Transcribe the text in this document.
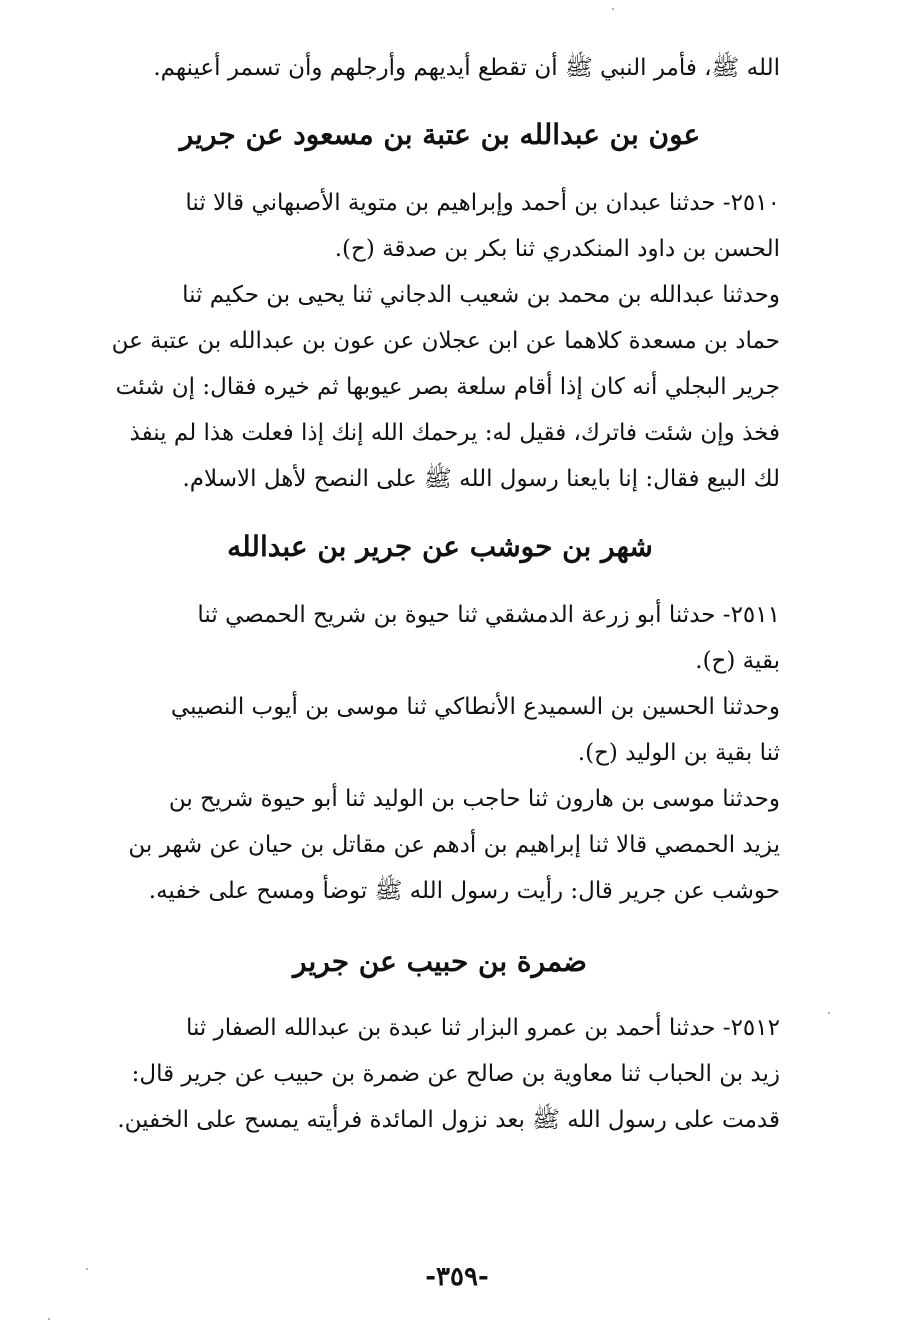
الله ﷺ، فأمر النبي ﷺ أن تقطع أيديهم وأرجلهم وأن تسمر أعينهم.
عون بن عبدالله بن عتبة بن مسعود عن جرير
٢٥١٠- حدثنا عبدان بن أحمد وإبراهيم بن متوية الأصبهاني قالا ثنا
الحسن بن داود المنكدري ثنا بكر بن صدقة (ح).
وحدثنا عبدالله بن محمد بن شعيب الدجاني ثنا يحيى بن حكيم ثنا
حماد بن مسعدة كلاهما عن ابن عجلان عن عون بن عبدالله بن عتبة عن
جرير البجلي أنه كان إذا أقام سلعة بصر عيوبها ثم خيره فقال: إن شئت
فخذ وإن شئت فاترك، فقيل له: يرحمك الله إنك إذا فعلت هذا لم ينفذ
لك البيع فقال: إنا بايعنا رسول الله ﷺ على النصح لأهل الاسلام.
شهر بن حوشب عن جرير بن عبدالله
٢٥١١- حدثنا أبو زرعة الدمشقي ثنا حيوة بن شريح الحمصي ثنا
بقية (ح).
وحدثنا الحسين بن السميدع الأنطاكي ثنا موسى بن أيوب النصيبي
ثنا بقية بن الوليد (ح).
وحدثنا موسى بن هارون ثنا حاجب بن الوليد ثنا أبو حيوة شريح بن
يزيد الحمصي قالا ثنا إبراهيم بن أدهم عن مقاتل بن حيان عن شهر بن
حوشب عن جرير قال: رأيت رسول الله ﷺ توضأ ومسح على خفيه.
ضمرة بن حبيب عن جرير
٢٥١٢- حدثنا أحمد بن عمرو البزار ثنا عبدة بن عبدالله الصفار ثنا
زيد بن الحباب ثنا معاوية بن صالح عن ضمرة بن حبيب عن جرير قال:
قدمت على رسول الله ﷺ بعد نزول المائدة فرأيته يمسح على الخفين.
-٣٥٩-
